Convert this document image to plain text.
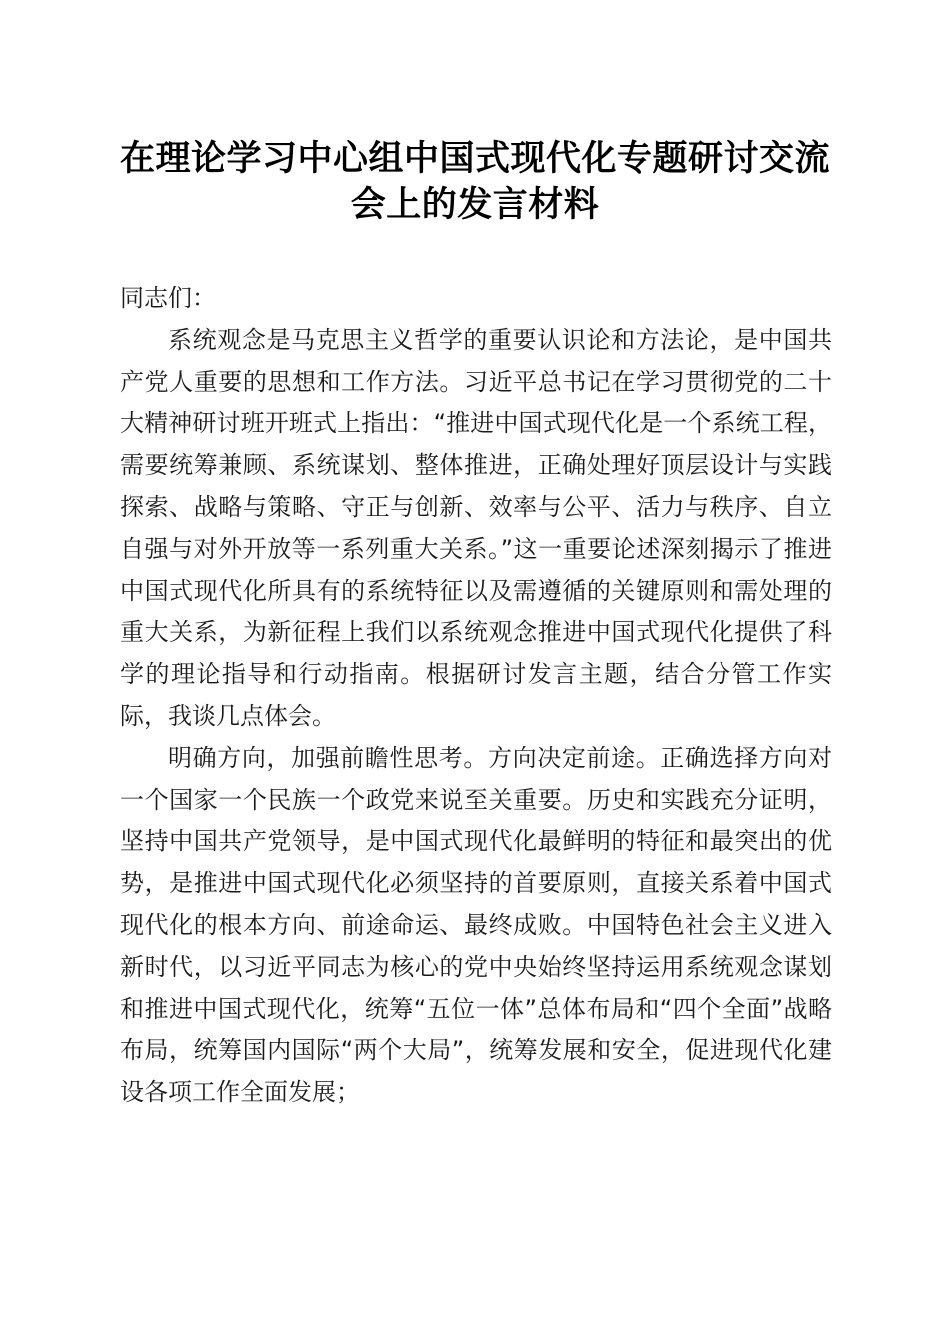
在理论学习中心组中国式现代化专题研讨交流
会上的发言材料

同志们：

系统观念是马克思主义哲学的重要认识论和方法论，是中国共产党人重要的思想和工作方法。习近平总书记在学习贯彻党的二十大精神研讨班开班式上指出：“推进中国式现代化是一个系统工程，需要统筹兼顾、系统谋划、整体推进，正确处理好顶层设计与实践探索、战略与策略、守正与创新、效率与公平、活力与秩序、自立自强与对外开放等一系列重大关系。”这一重要论述深刻揭示了推进中国式现代化所具有的系统特征以及需遵循的关键原则和需处理的重大关系，为新征程上我们以系统观念推进中国式现代化提供了科学的理论指导和行动指南。根据研讨发言主题，结合分管工作实际，我谈几点体会。

明确方向，加强前瞻性思考。方向决定前途。正确选择方向对一个国家一个民族一个政党来说至关重要。历史和实践充分证明，坚持中国共产党领导，是中国式现代化最鲜明的特征和最突出的优势，是推进中国式现代化必须坚持的首要原则，直接关系着中国式现代化的根本方向、前途命运、最终成败。中国特色社会主义进入新时代，以习近平同志为核心的党中央始终坚持运用系统观念谋划和推进中国式现代化，统筹“五位一体”总体布局和“四个全面”战略布局，统筹国内国际“两个大局”，统筹发展和安全，促进现代化建设各项工作全面发展；
